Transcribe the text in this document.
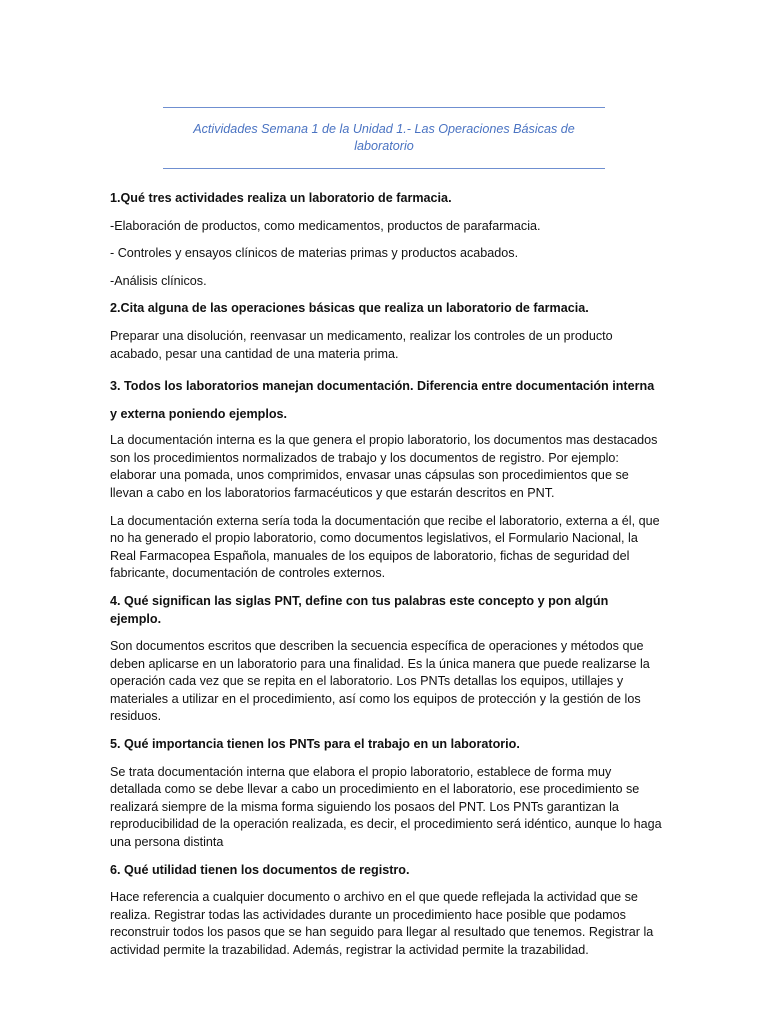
Actividades Semana 1 de la Unidad 1.- Las Operaciones Básicas de laboratorio

1.Qué tres actividades realiza un laboratorio de farmacia.

-Elaboración de productos, como medicamentos, productos de parafarmacia.

- Controles y ensayos clínicos de materias primas y productos acabados.

-Análisis clínicos.

2.Cita alguna de las operaciones básicas que realiza un laboratorio de farmacia.

Preparar una disolución, reenvasar un medicamento, realizar los controles de un producto acabado, pesar una cantidad de una materia prima.

3. Todos los laboratorios manejan documentación. Diferencia entre documentación interna y externa poniendo ejemplos.

La documentación interna es la que genera el propio laboratorio, los documentos mas destacados son los procedimientos normalizados de trabajo y los documentos de registro. Por ejemplo: elaborar una pomada, unos comprimidos, envasar unas cápsulas son procedimientos que se llevan a cabo en los laboratorios farmacéuticos y que estarán descritos en PNT.

La documentación externa sería toda la documentación que recibe el laboratorio, externa a él, que no ha generado el propio laboratorio, como documentos legislativos, el Formulario Nacional, la Real Farmacopea Española, manuales de los equipos de laboratorio, fichas de seguridad del fabricante, documentación de controles externos.

4. Qué significan las siglas PNT, define con tus palabras este concepto y pon algún ejemplo.

Son documentos escritos que describen la secuencia específica de operaciones y métodos que deben aplicarse en un laboratorio para una finalidad. Es la única manera que puede realizarse la operación cada vez que se repita en el laboratorio. Los PNTs detallas los equipos, utillajes y materiales a utilizar en el procedimiento, así como los equipos de protección y la gestión de los residuos.

5. Qué importancia tienen los PNTs para el trabajo en un laboratorio.

Se trata documentación interna que elabora el propio laboratorio, establece de forma muy detallada como se debe llevar a cabo un procedimiento en el laboratorio, ese procedimiento se realizará siempre de la misma forma siguiendo los posaos del PNT. Los PNTs garantizan la reproducibilidad de la operación realizada, es decir, el procedimiento será idéntico, aunque lo haga una persona distinta

6. Qué utilidad tienen los documentos de registro.

Hace referencia a cualquier documento o archivo en el que quede reflejada la actividad que se realiza. Registrar todas las actividades durante un procedimiento hace posible que podamos reconstruir todos los pasos que se han seguido para llegar al resultado que tenemos. Registrar la actividad permite la trazabilidad. Además, registrar la actividad permite la trazabilidad.
